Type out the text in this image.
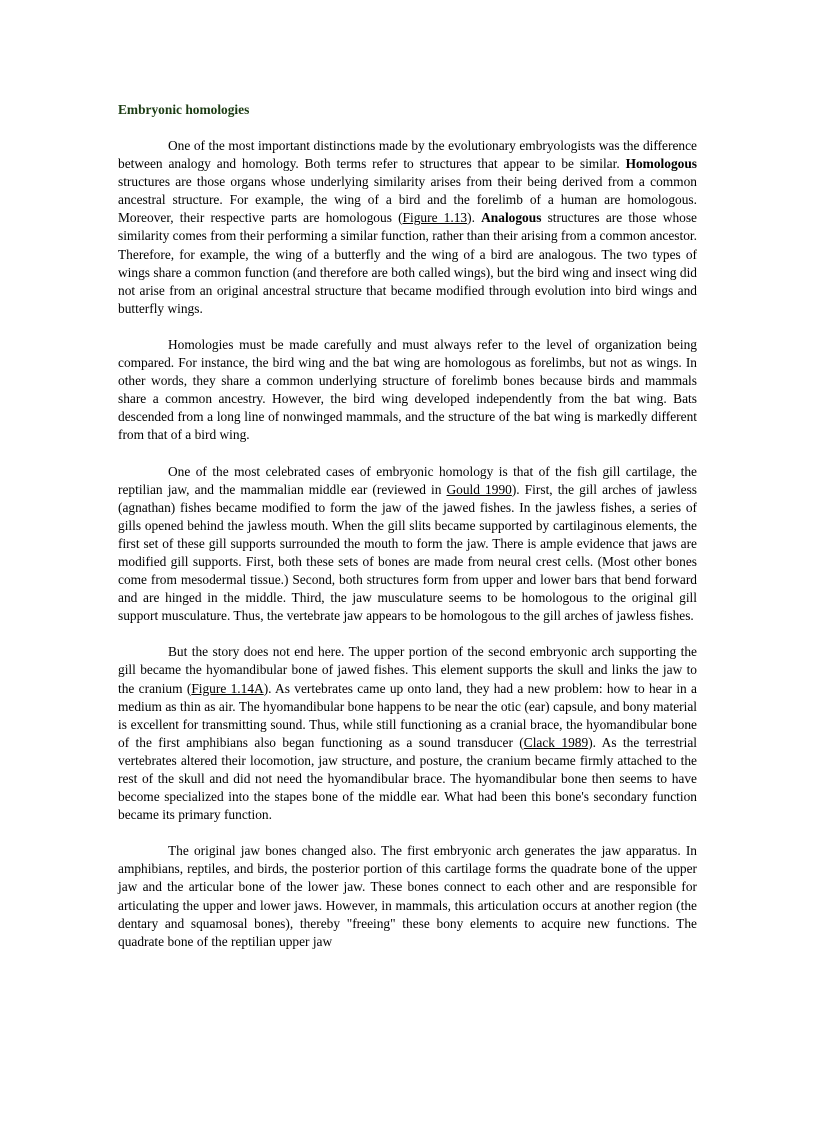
Embryonic homologies

One of the most important distinctions made by the evolutionary embryologists was the difference between analogy and homology. Both terms refer to structures that appear to be similar. Homologous structures are those organs whose underlying similarity arises from their being derived from a common ancestral structure. For example, the wing of a bird and the forelimb of a human are homologous. Moreover, their respective parts are homologous (Figure 1.13). Analogous structures are those whose similarity comes from their performing a similar function, rather than their arising from a common ancestor. Therefore, for example, the wing of a butterfly and the wing of a bird are analogous. The two types of wings share a common function (and therefore are both called wings), but the bird wing and insect wing did not arise from an original ancestral structure that became modified through evolution into bird wings and butterfly wings.

Homologies must be made carefully and must always refer to the level of organization being compared. For instance, the bird wing and the bat wing are homologous as forelimbs, but not as wings. In other words, they share a common underlying structure of forelimb bones because birds and mammals share a common ancestry. However, the bird wing developed independently from the bat wing. Bats descended from a long line of nonwinged mammals, and the structure of the bat wing is markedly different from that of a bird wing.

One of the most celebrated cases of embryonic homology is that of the fish gill cartilage, the reptilian jaw, and the mammalian middle ear (reviewed in Gould 1990). First, the gill arches of jawless (agnathan) fishes became modified to form the jaw of the jawed fishes. In the jawless fishes, a series of gills opened behind the jawless mouth. When the gill slits became supported by cartilaginous elements, the first set of these gill supports surrounded the mouth to form the jaw. There is ample evidence that jaws are modified gill supports. First, both these sets of bones are made from neural crest cells. (Most other bones come from mesodermal tissue.) Second, both structures form from upper and lower bars that bend forward and are hinged in the middle. Third, the jaw musculature seems to be homologous to the original gill support musculature. Thus, the vertebrate jaw appears to be homologous to the gill arches of jawless fishes.

But the story does not end here. The upper portion of the second embryonic arch supporting the gill became the hyomandibular bone of jawed fishes. This element supports the skull and links the jaw to the cranium (Figure 1.14A). As vertebrates came up onto land, they had a new problem: how to hear in a medium as thin as air. The hyomandibular bone happens to be near the otic (ear) capsule, and bony material is excellent for transmitting sound. Thus, while still functioning as a cranial brace, the hyomandibular bone of the first amphibians also began functioning as a sound transducer (Clack 1989). As the terrestrial vertebrates altered their locomotion, jaw structure, and posture, the cranium became firmly attached to the rest of the skull and did not need the hyomandibular brace. The hyomandibular bone then seems to have become specialized into the stapes bone of the middle ear. What had been this bone's secondary function became its primary function.

The original jaw bones changed also. The first embryonic arch generates the jaw apparatus. In amphibians, reptiles, and birds, the posterior portion of this cartilage forms the quadrate bone of the upper jaw and the articular bone of the lower jaw. These bones connect to each other and are responsible for articulating the upper and lower jaws. However, in mammals, this articulation occurs at another region (the dentary and squamosal bones), thereby "freeing" these bony elements to acquire new functions. The quadrate bone of the reptilian upper jaw
